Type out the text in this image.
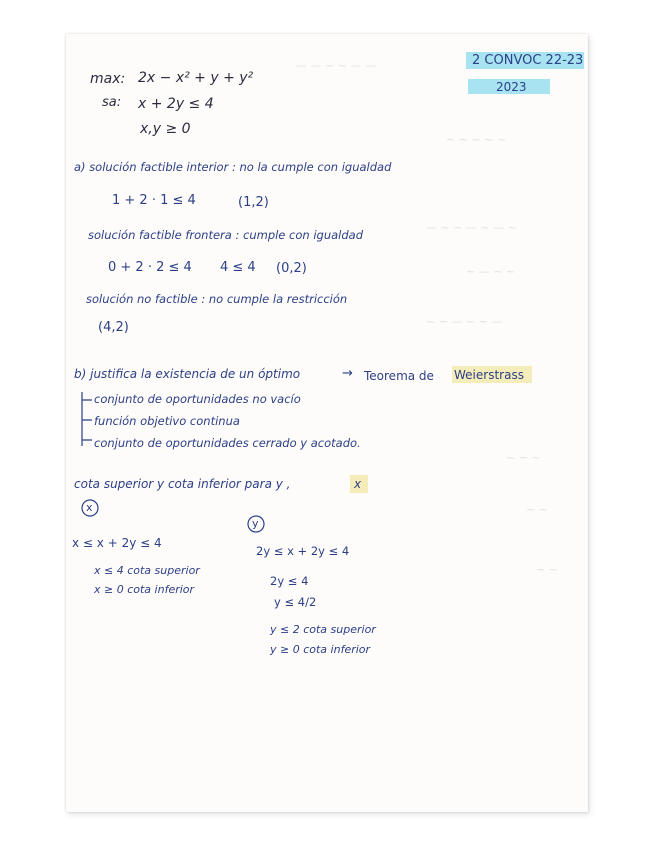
— — ~ ~ — —
~ ~ ~ ~ ~
— ~ ~ — ~ — ~
~ — ~ ~
~ ~ — ~ ~ —
~ ~ ~
~ ~
~ ~
2 CONVOC 22-23
2023
max: 2x − x² + y + y²
sa: x + 2y ≤ 4
x,y ≥ 0
a) solución factible interior : no la cumple con igualdad
1 + 2 · 1 ≤ 4	(1,2)
solución factible frontera : cumple con igualdad
0 + 2 · 2 ≤ 4 4 ≤ 4 (0,2)
solución no factible : no cumple la restricción
(4,2)
b) justifica la existencia de un óptimo	→ Teorema de Weierstrass
conjunto de oportunidades no vacío
función objetivo continua
conjunto de oportunidades cerrado y acotado.
cota superior y cota inferior para y ,	x
x
x ≤ x + 2y ≤ 4
x ≤ 4 cota superior
x ≥ 0 cota inferior
y
2y ≤ x + 2y ≤ 4
2y ≤ 4
y ≤ 4/2
y ≤ 2 cota superior
y ≥ 0 cota inferior
